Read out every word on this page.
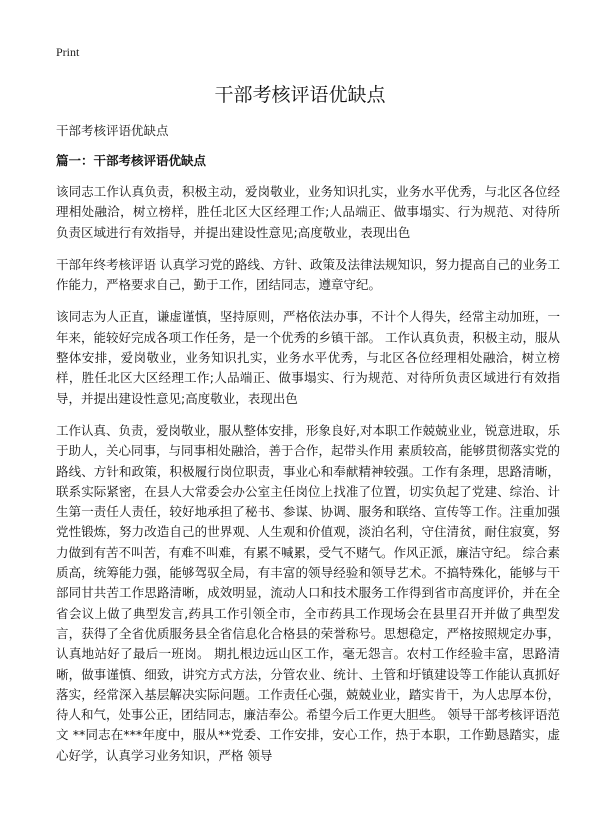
Print
干部考核评语优缺点
干部考核评语优缺点
篇一：干部考核评语优缺点

该同志工作认真负责，积极主动，爱岗敬业，业务知识扎实，业务水平优秀，与北区各位经理相处融洽，树立榜样，胜任北区大区经理工作;人品端正、做事塌实、行为规范、对待所负责区域进行有效指导，并提出建设性意见;高度敬业，表现出色

干部年终考核评语 认真学习党的路线、方针、政策及法律法规知识，努力提高自己的业务工作能力，严格要求自己，勤于工作，团结同志，遵章守纪。

该同志为人正直，谦虚谨慎，坚持原则，严格依法办事，不计个人得失，经常主动加班，一年来，能较好完成各项工作任务，是一个优秀的乡镇干部。 工作认真负责，积极主动，服从整体安排，爱岗敬业，业务知识扎实，业务水平优秀，与北区各位经理相处融洽，树立榜样，胜任北区大区经理工作;人品端正、做事塌实、行为规范、对待所负责区域进行有效指导，并提出建设性意见;高度敬业，表现出色

工作认真、负责，爱岗敬业，服从整体安排，形象良好,对本职工作兢兢业业，锐意进取，乐于助人，关心同事，与同事相处融洽，善于合作，起带头作用 素质较高，能够贯彻落实党的路线、方针和政策，积极履行岗位职责，事业心和奉献精神较强。工作有条理，思路清晰，联系实际紧密，在县人大常委会办公室主任岗位上找准了位置，切实负起了党建、综治、计生第一责任人责任，较好地承担了秘书、参谋、协调、服务和联络、宣传等工作。注重加强党性锻炼，努力改造自己的世界观、人生观和价值观，淡泊名利，守住清贫，耐住寂寞，努力做到有苦不叫苦，有难不叫难，有累不喊累，受气不赌气。作风正派，廉洁守纪。 综合素质高，统筹能力强，能够驾驭全局，有丰富的领导经验和领导艺术。不搞特殊化，能够与干部同甘共苦工作思路清晰，成效明显，流动人口和技术服务工作得到省市高度评价，并在全省会议上做了典型发言,药具工作引领全市，全市药具工作现场会在县里召开并做了典型发言，获得了全省优质服务县全省信息化合格县的荣誉称号。思想稳定，严格按照规定办事，认真地站好了最后一班岗。 期扎根边远山区工作，毫无怨言。农村工作经验丰富，思路清晰，做事谨慎、细致，讲究方式方法，分管农业、统计、土管和圩镇建设等工作能认真抓好落实，经常深入基层解决实际问题。工作责任心强，兢兢业业，踏实肯干，为人忠厚本份，待人和气，处事公正，团结同志，廉洁奉公。希望今后工作更大胆些。 领导干部考核评语范文 **同志在***年度中，服从**党委、工作安排，安心工作，热于本职，工作勤恳踏实，虚心好学，认真学习业务知识，严格 领导
